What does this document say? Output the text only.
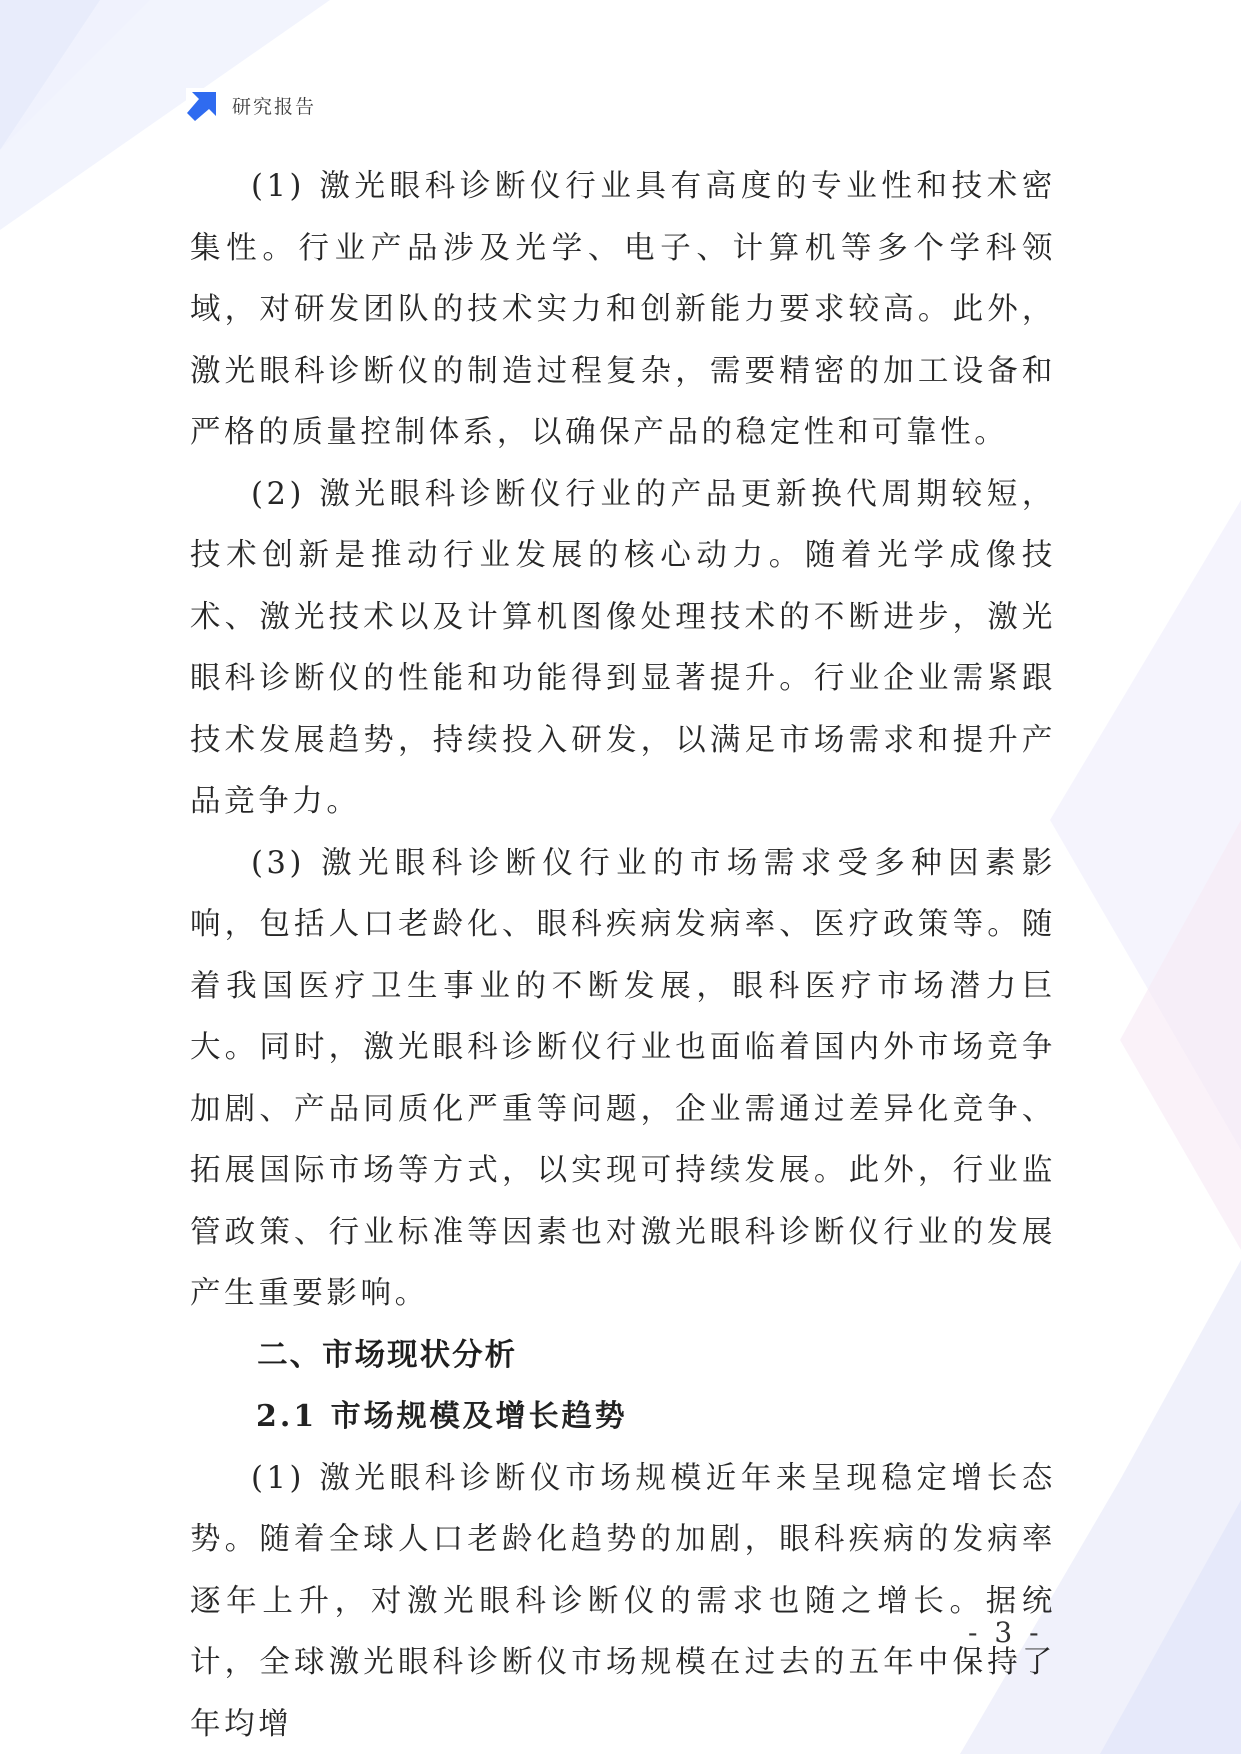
研究报告

(1) 激光眼科诊断仪行业具有高度的专业性和技术密集性。行业产品涉及光学、电子、计算机等多个学科领域，对研发团队的技术实力和创新能力要求较高。此外，激光眼科诊断仪的制造过程复杂，需要精密的加工设备和严格的质量控制体系，以确保产品的稳定性和可靠性。

(2) 激光眼科诊断仪行业的产品更新换代周期较短，技术创新是推动行业发展的核心动力。随着光学成像技术、激光技术以及计算机图像处理技术的不断进步，激光眼科诊断仪的性能和功能得到显著提升。行业企业需紧跟技术发展趋势，持续投入研发，以满足市场需求和提升产品竞争力。

(3) 激光眼科诊断仪行业的市场需求受多种因素影响，包括人口老龄化、眼科疾病发病率、医疗政策等。随着我国医疗卫生事业的不断发展，眼科医疗市场潜力巨大。同时，激光眼科诊断仪行业也面临着国内外市场竞争加剧、产品同质化严重等问题，企业需通过差异化竞争、拓展国际市场等方式，以实现可持续发展。此外，行业监管政策、行业标准等因素也对激光眼科诊断仪行业的发展产生重要影响。

二、市场现状分析
2.1 市场规模及增长趋势

(1) 激光眼科诊断仪市场规模近年来呈现稳定增长态势。随着全球人口老龄化趋势的加剧，眼科疾病的发病率逐年上升，对激光眼科诊断仪的需求也随之增长。据统计，全球激光眼科诊断仪市场规模在过去的五年中保持了年均增

- 3 -
